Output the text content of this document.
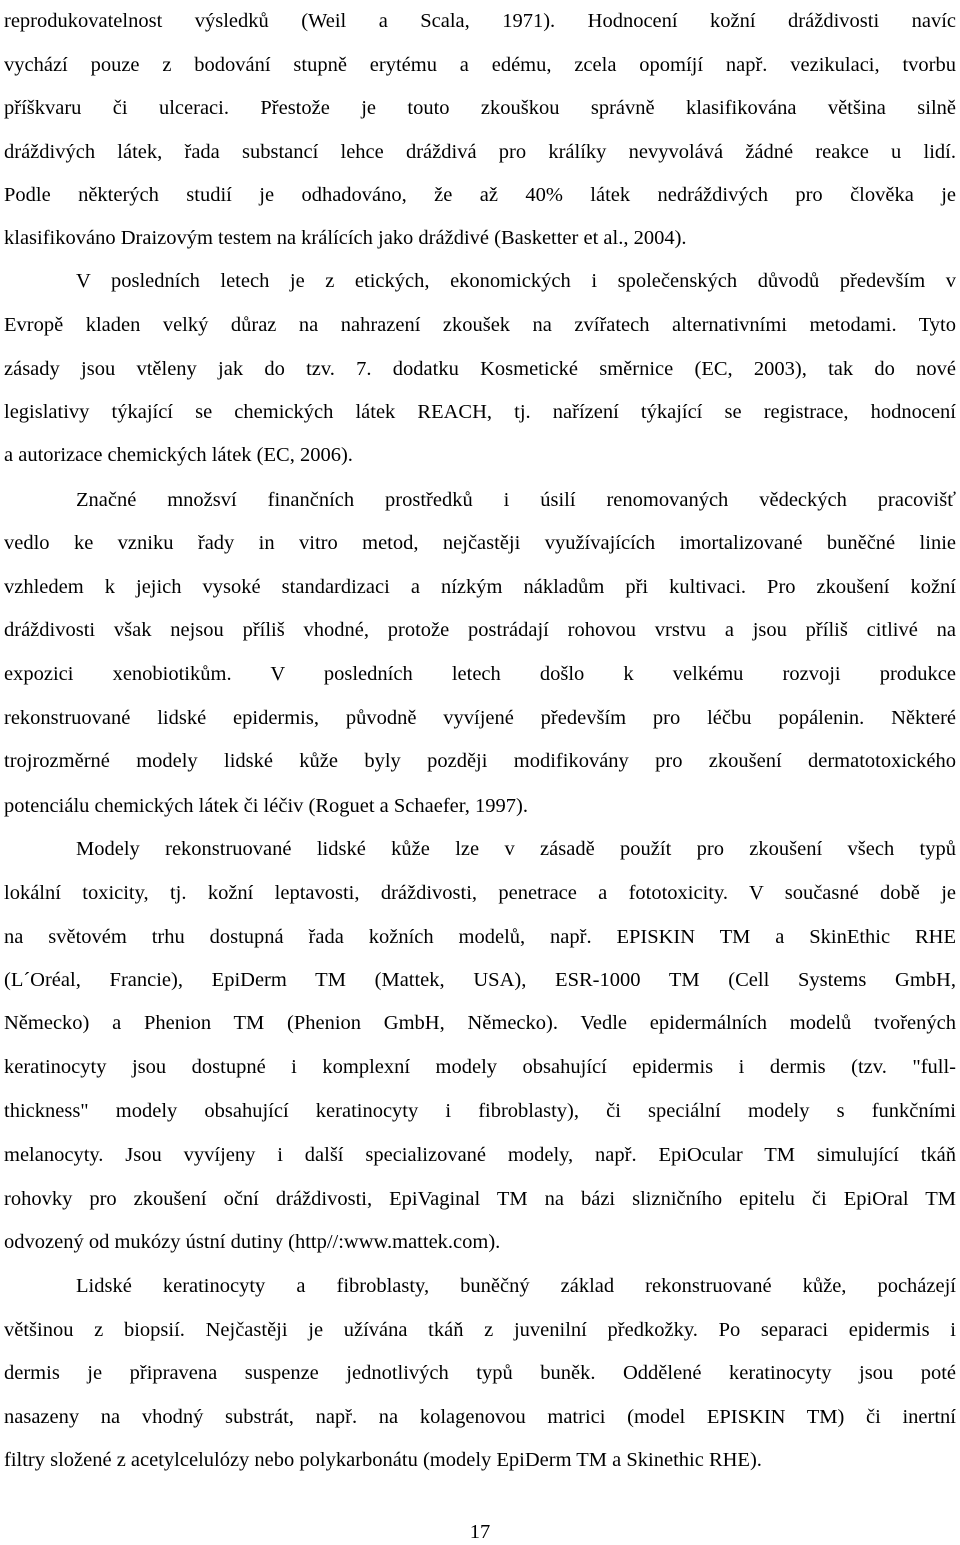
reprodukovatelnost výsledků (Weil a Scala, 1971). Hodnocení kožní dráždivosti navíc
vychází pouze z bodování stupně erytému a edému, zcela opomíjí např. vezikulaci, tvorbu
příškvaru či ulceraci. Přestože je touto zkouškou správně klasifikována většina silně
dráždivých látek, řada substancí lehce dráždivá pro králíky nevyvolává žádné reakce u lidí.
Podle některých studií je odhadováno, že až 40% látek nedráždivých pro člověka je
klasifikováno Draizovým testem na králících jako dráždivé (Basketter et al., 2004).
V posledních letech je z etických, ekonomických i společenských důvodů především v
Evropě kladen velký důraz na nahrazení zkoušek na zvířatech alternativními metodami. Tyto
zásady jsou vtěleny jak do tzv. 7. dodatku Kosmetické směrnice (EC, 2003), tak do nové
legislativy týkající se chemických látek REACH, tj. nařízení týkající se registrace, hodnocení
a autorizace chemických látek (EC, 2006).
Značné množsví finančních prostředků i úsilí renomovaných vědeckých pracovišť
vedlo ke vzniku řady in vitro metod, nejčastěji využívajících imortalizované buněčné linie
vzhledem k jejich vysoké standardizaci a nízkým nákladům při kultivaci. Pro zkoušení kožní
dráždivosti však nejsou příliš vhodné, protože postrádají rohovou vrstvu a jsou příliš citlivé na
expozici xenobiotikům. V posledních letech došlo k velkému rozvoji produkce
rekonstruované lidské epidermis, původně vyvíjené především pro léčbu popálenin. Některé
trojrozměrné modely lidské kůže byly později modifikovány pro zkoušení dermatotoxického
potenciálu chemických látek či léčiv (Roguet a Schaefer, 1997).
Modely rekonstruované lidské kůže lze v zásadě použít pro zkoušení všech typů
lokální toxicity, tj. kožní leptavosti, dráždivosti, penetrace a fototoxicity. V současné době je
na světovém trhu dostupná řada kožních modelů, např. EPISKIN TM a SkinEthic RHE
(L´Oréal, Francie), EpiDerm TM (Mattek, USA), ESR-1000 TM (Cell Systems GmbH,
Německo) a Phenion TM (Phenion GmbH, Německo). Vedle epidermálních modelů tvořených
keratinocyty jsou dostupné i komplexní modely obsahující epidermis i dermis (tzv. "full-
thickness" modely obsahující keratinocyty i fibroblasty), či speciální modely s funkčními
melanocyty. Jsou vyvíjeny i další specializované modely, např. EpiOcular TM simulující tkáň
rohovky pro zkoušení oční dráždivosti, EpiVaginal TM na bázi slizničního epitelu či EpiOral TM
odvozený od mukózy ústní dutiny (http//:www.mattek.com).
Lidské keratinocyty a fibroblasty, buněčný základ rekonstruované kůže, pocházejí
většinou z biopsií. Nejčastěji je užívána tkáň z juvenilní předkožky. Po separaci epidermis i
dermis je připravena suspenze jednotlivých typů buněk. Oddělené keratinocyty jsou poté
nasazeny na vhodný substrát, např. na kolagenovou matrici (model EPISKIN TM) či inertní
filtry složené z acetylcelulózy nebo polykarbonátu (modely EpiDerm TM a Skinethic RHE).
17
